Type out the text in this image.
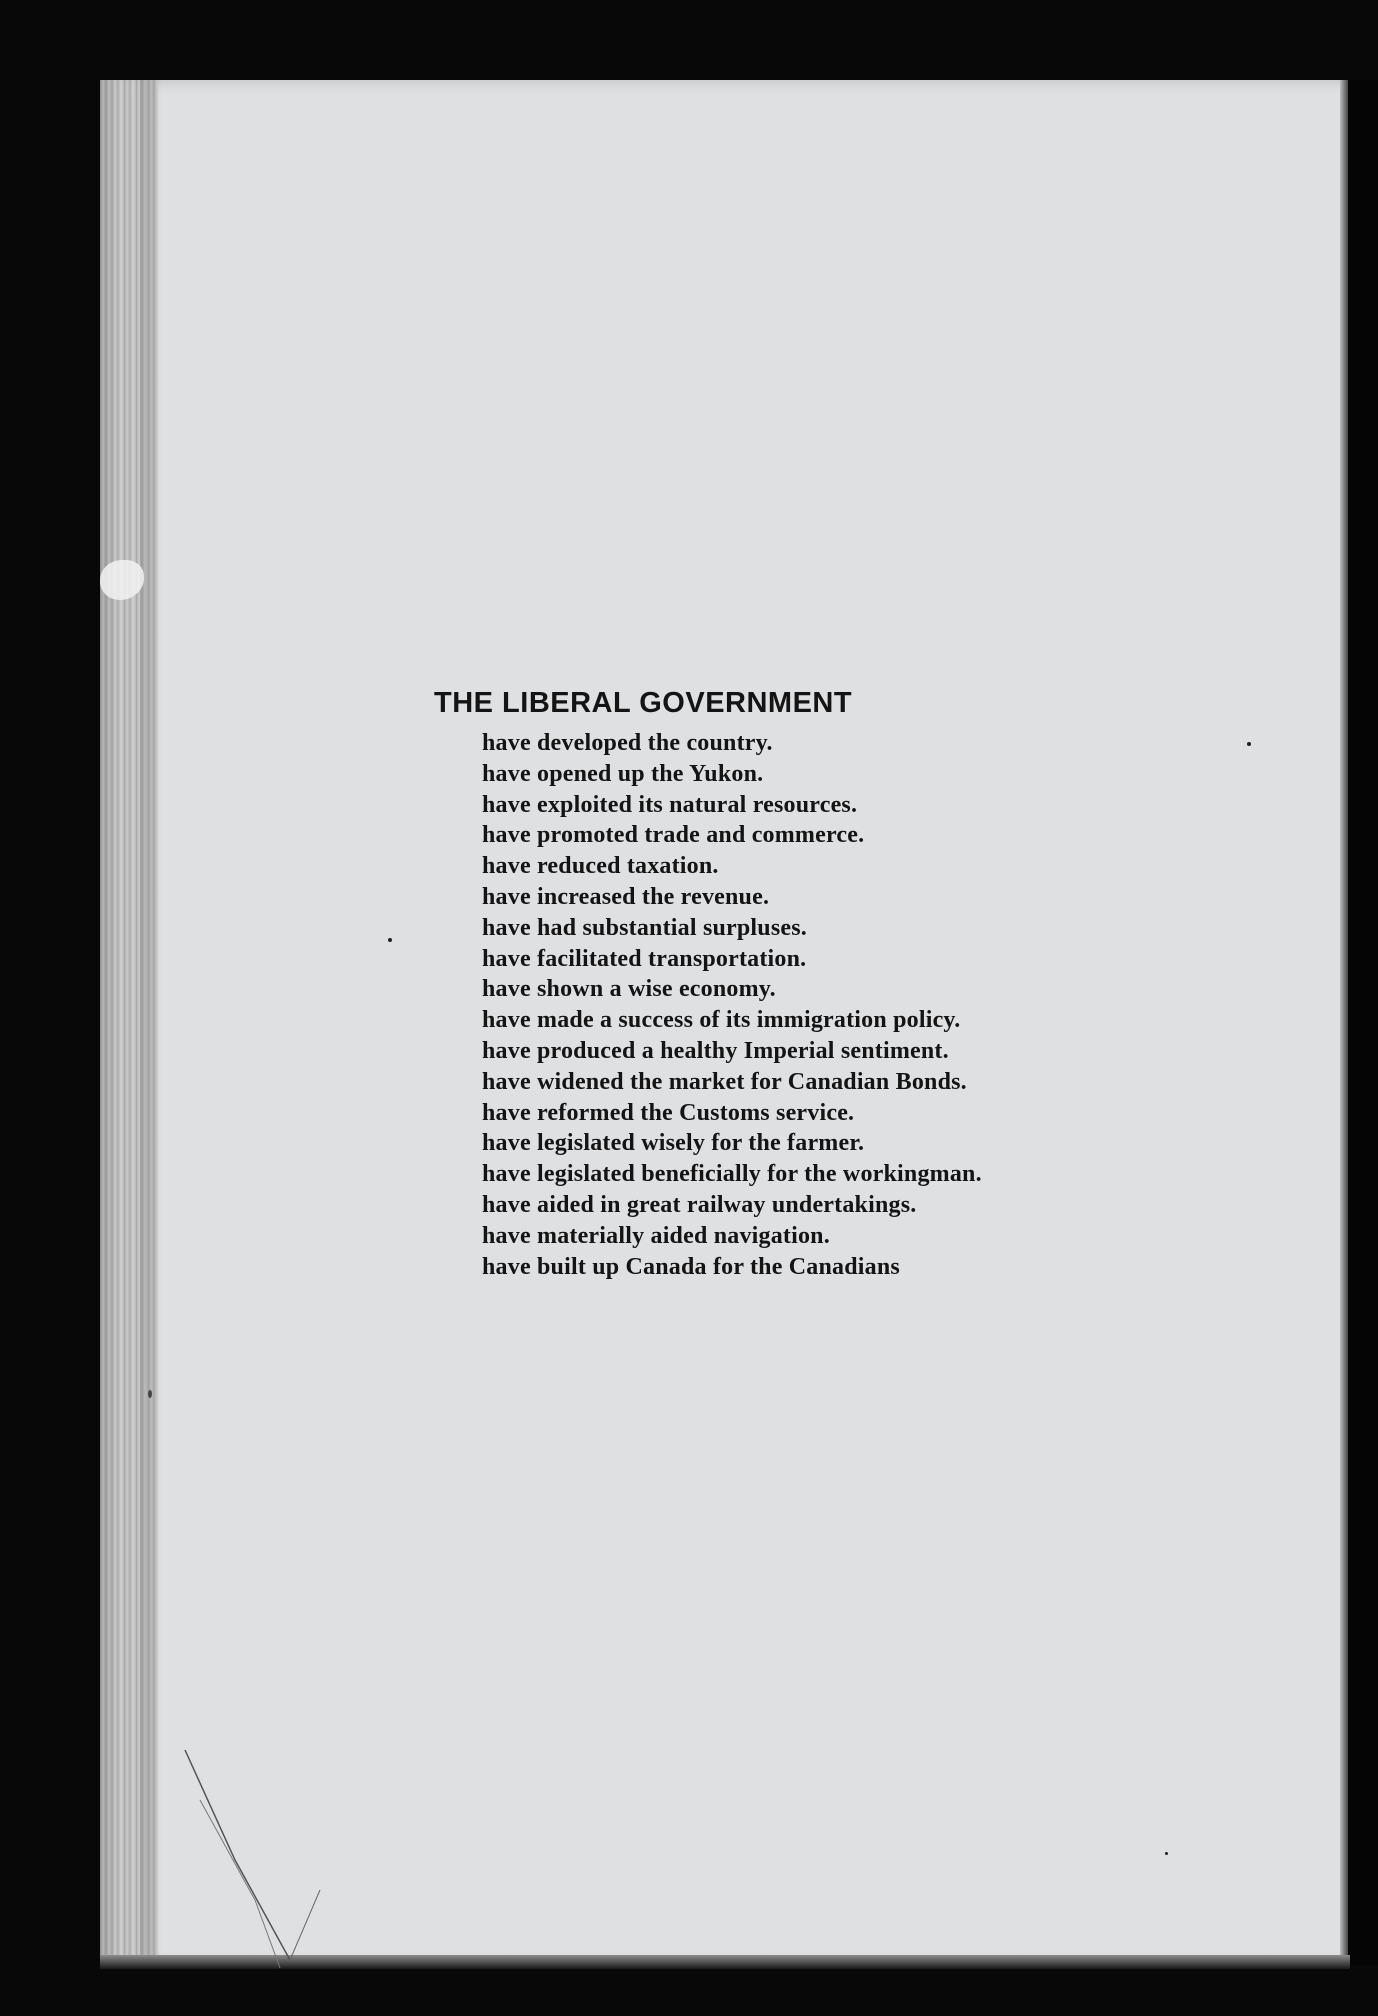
THE LIBERAL GOVERNMENT
have developed the country.
have opened up the Yukon.
have exploited its natural resources.
have promoted trade and commerce.
have reduced taxation.
have increased the revenue.
have had substantial surpluses.
have facilitated transportation.
have shown a wise economy.
have made a success of its immigration policy.
have produced a healthy Imperial sentiment.
have widened the market for Canadian Bonds.
have reformed the Customs service.
have legislated wisely for the farmer.
have legislated beneficially for the workingman.
have aided in great railway undertakings.
have materially aided navigation.
have built up Canada for the Canadians
